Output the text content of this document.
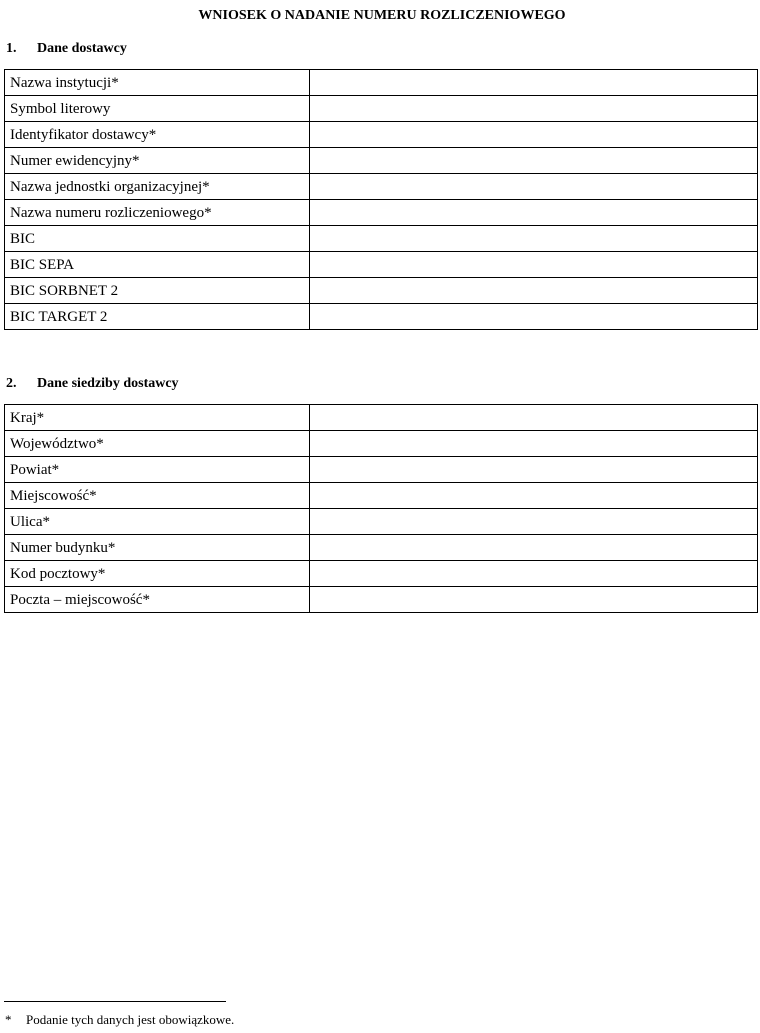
WNIOSEK O NADANIE NUMERU ROZLICZENIOWEGO
1. Dane dostawcy
Nazwa instytucji*	
Symbol literowy	
Identyfikator dostawcy*	
Numer ewidencyjny*	
Nazwa jednostki organizacyjnej*	
Nazwa numeru rozliczeniowego*	
BIC	
BIC SEPA	
BIC SORBNET 2	
BIC TARGET 2	
2. Dane siedziby dostawcy
Kraj*	
Województwo*	
Powiat*	
Miejscowość*	
Ulica*	
Numer budynku*	
Kod pocztowy*	
Poczta – miejscowość*	
* Podanie tych danych jest obowiązkowe.
